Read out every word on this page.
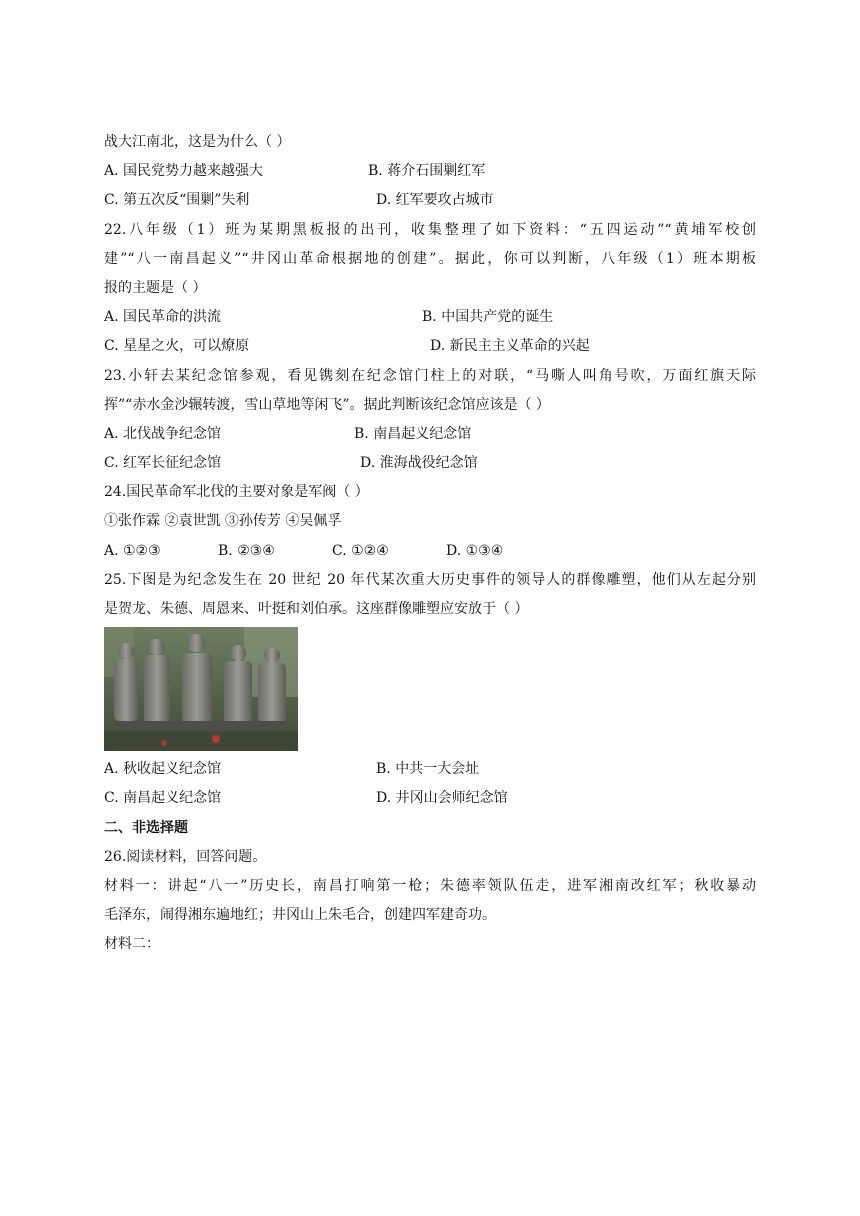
战大江南北，这是为什么（ ）
A. 国民党势力越来越强大	B. 蒋介石围剿红军
C. 第五次反“围剿”失利	D. 红军要攻占城市
22.八年级（1）班为某期黑板报的出刊，收集整理了如下资料：“五四运动”“黄埔军校创
建”“八一南昌起义”“井冈山革命根据地的创建”。据此，你可以判断，八年级（1）班本期板
报的主题是（ ）
A. 国民革命的洪流	B. 中国共产党的诞生
C. 星星之火，可以燎原	D. 新民主主义革命的兴起
23.小轩去某纪念馆参观，看见镌刻在纪念馆门柱上的对联，“马嘶人叫角号吹，万面红旗天际
挥”“赤水金沙辗转渡，雪山草地等闲飞”。据此判断该纪念馆应该是（ ）
A. 北伐战争纪念馆	B. 南昌起义纪念馆
C. 红军长征纪念馆	D. 淮海战役纪念馆
24.国民革命军北伐的主要对象是军阀（ ）
①张作霖 ②袁世凯 ③孙传芳 ④吴佩孚
A. ①②③	B. ②③④	C. ①②④	D. ①③④
25.下图是为纪念发生在 20 世纪 20 年代某次重大历史事件的领导人的群像雕塑，他们从左起分别
是贺龙、朱德、周恩来、叶挺和刘伯承。这座群像雕塑应安放于（ ）
A. 秋收起义纪念馆	B. 中共一大会址
C. 南昌起义纪念馆	D. 井冈山会师纪念馆
二、非选择题
26.阅读材料，回答问题。
材料一：讲起“八一”历史长，南昌打响第一枪；朱德率领队伍走，进军湘南改红军；秋收暴动
毛泽东，闹得湘东遍地红；井冈山上朱毛合，创建四军建奇功。
材料二：
